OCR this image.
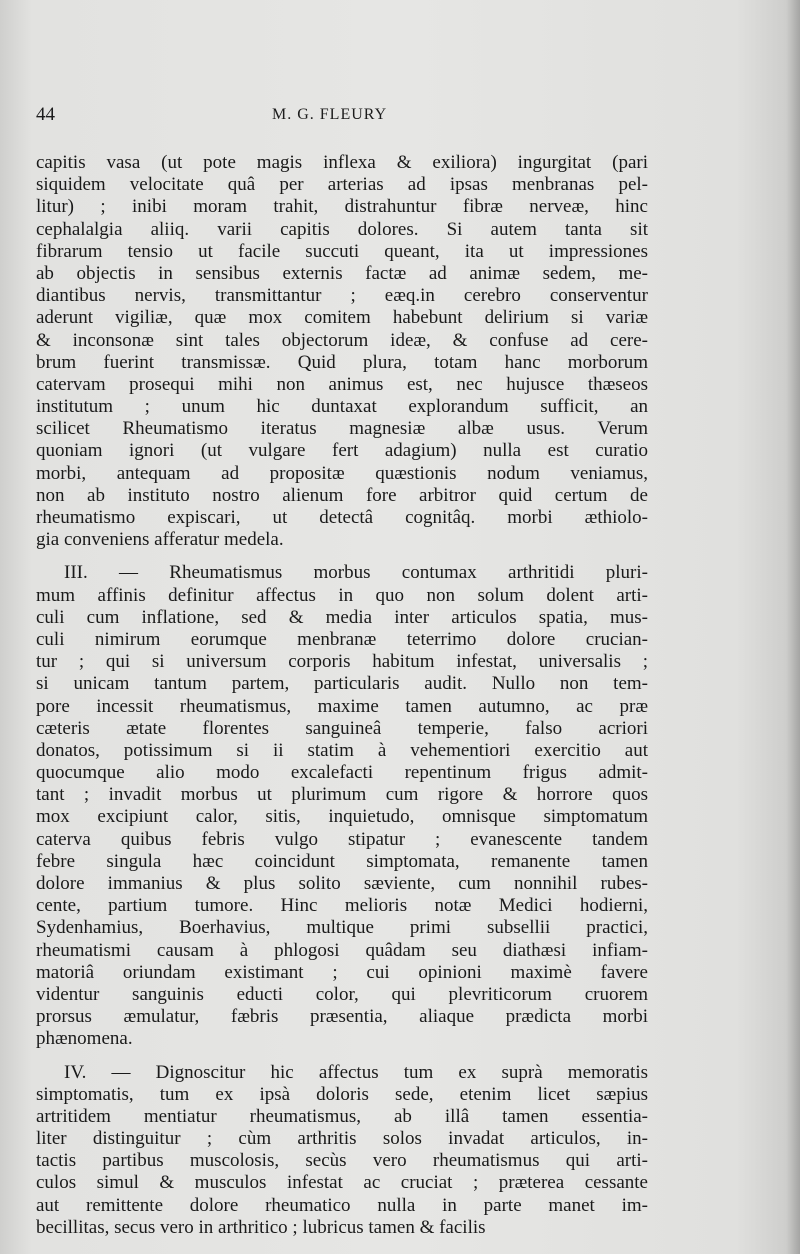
44	M. G. FLEURY
capitis vasa (ut pote magis inflexa & exiliora) ingurgitat (pari
siquidem velocitate quâ per arterias ad ipsas menbranas pel-
litur) ; inibi moram trahit, distrahuntur fibræ nerveæ, hinc
cephalalgia aliiq. varii capitis dolores. Si autem tanta sit
fibrarum tensio ut facile succuti queant, ita ut impressiones
ab objectis in sensibus externis factæ ad animæ sedem, me-
diantibus nervis, transmittantur ; eæq.in cerebro conserventur
aderunt vigiliæ, quæ mox comitem habebunt delirium si variæ
& inconsonæ sint tales objectorum ideæ, & confuse ad cere-
brum fuerint transmissæ. Quid plura, totam hanc morborum
catervam prosequi mihi non animus est, nec hujusce thæseos
institutum ; unum hic duntaxat explorandum sufficit, an
scilicet Rheumatismo iteratus magnesiæ albæ usus. Verum
quoniam ignori (ut vulgare fert adagium) nulla est curatio
morbi, antequam ad propositæ quæstionis nodum veniamus,
non ab instituto nostro alienum fore arbitror quid certum de
rheumatismo expiscari, ut detectâ cognitâq. morbi æthiolo-
gia conveniens afferatur medela.
III. — Rheumatismus morbus contumax arthritidi pluri-
mum affinis definitur affectus in quo non solum dolent arti-
culi cum inflatione, sed & media inter articulos spatia, mus-
culi nimirum eorumque menbranæ teterrimo dolore crucian-
tur ; qui si universum corporis habitum infestat, universalis ;
si unicam tantum partem, particularis audit. Nullo non tem-
pore incessit rheumatismus, maxime tamen autumno, ac præ
cæteris ætate florentes sanguineâ temperie, falso acriori
donatos, potissimum si ii statim à vehementiori exercitio aut
quocumque alio modo excalefacti repentinum frigus admit-
tant ; invadit morbus ut plurimum cum rigore & horrore quos
mox excipiunt calor, sitis, inquietudo, omnisque simptomatum
caterva quibus febris vulgo stipatur ; evanescente tandem
febre singula hæc coincidunt simptomata, remanente tamen
dolore immanius & plus solito sæviente, cum nonnihil rubes-
cente, partium tumore. Hinc melioris notæ Medici hodierni,
Sydenhamius, Boerhavius, multique primi subsellii practici,
rheumatismi causam à phlogosi quâdam seu diathæsi infiam-
matoriâ oriundam existimant ; cui opinioni maximè favere
videntur sanguinis educti color, qui plevriticorum cruorem
prorsus æmulatur, fæbris præsentia, aliaque prædicta morbi
phænomena.
IV. — Dignoscitur hic affectus tum ex suprà memoratis
simptomatis, tum ex ipsà doloris sede, etenim licet sæpius
artritidem mentiatur rheumatismus, ab illâ tamen essentia-
liter distinguitur ; cùm arthritis solos invadat articulos, in-
tactis partibus muscolosis, secùs vero rheumatismus qui arti-
culos simul & musculos infestat ac cruciat ; præterea cessante
aut remittente dolore rheumatico nulla in parte manet im-
becillitas, secus vero in arthritico ; lubricus tamen & facilis
